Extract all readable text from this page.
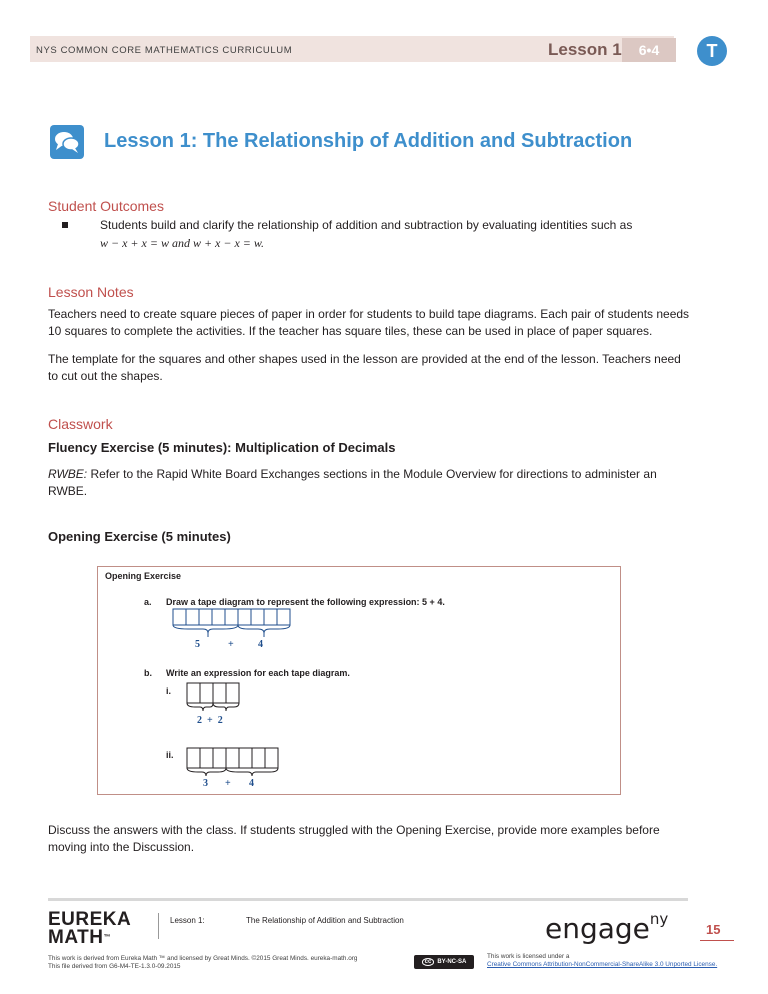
NYS COMMON CORE MATHEMATICS CURRICULUM	Lesson 1	6•4	T
Lesson 1: The Relationship of Addition and Subtraction
Student Outcomes
Students build and clarify the relationship of addition and subtraction by evaluating identities such as
w − x + x = w and w + x − x = w.
Lesson Notes
Teachers need to create square pieces of paper in order for students to build tape diagrams. Each pair of students needs
10 squares to complete the activities. If the teacher has square tiles, these can be used in place of paper squares.
The template for the squares and other shapes used in the lesson are provided at the end of the lesson. Teachers need
to cut out the shapes.
Classwork
Fluency Exercise (5 minutes): Multiplication of Decimals
RWBE: Refer to the Rapid White Board Exchanges sections in the Module Overview for directions to administer an
RWBE.
Opening Exercise (5 minutes)
Opening Exercise
a. Draw a tape diagram to represent the following expression: 5 + 4.
5	+ 4
b. Write an expression for each tape diagram.
i.
2  +  2
ii.
3 + 4
Discuss the answers with the class. If students struggled with the Opening Exercise, provide more examples before
moving into the Discussion.
EUREKA
MATH™
Lesson 1:	The Relationship of Addition and Subtraction	engage$^{ny}$
15
This work is derived from Eureka Math ™ and licensed by Great Minds. ©2015 Great Minds. eureka-math.org
This file derived from G6-M4-TE-1.3.0-09.2015
cc BY-NC-SA
This work is licensed under a
Creative Commons Attribution-NonCommercial-ShareAlike 3.0 Unported License.
